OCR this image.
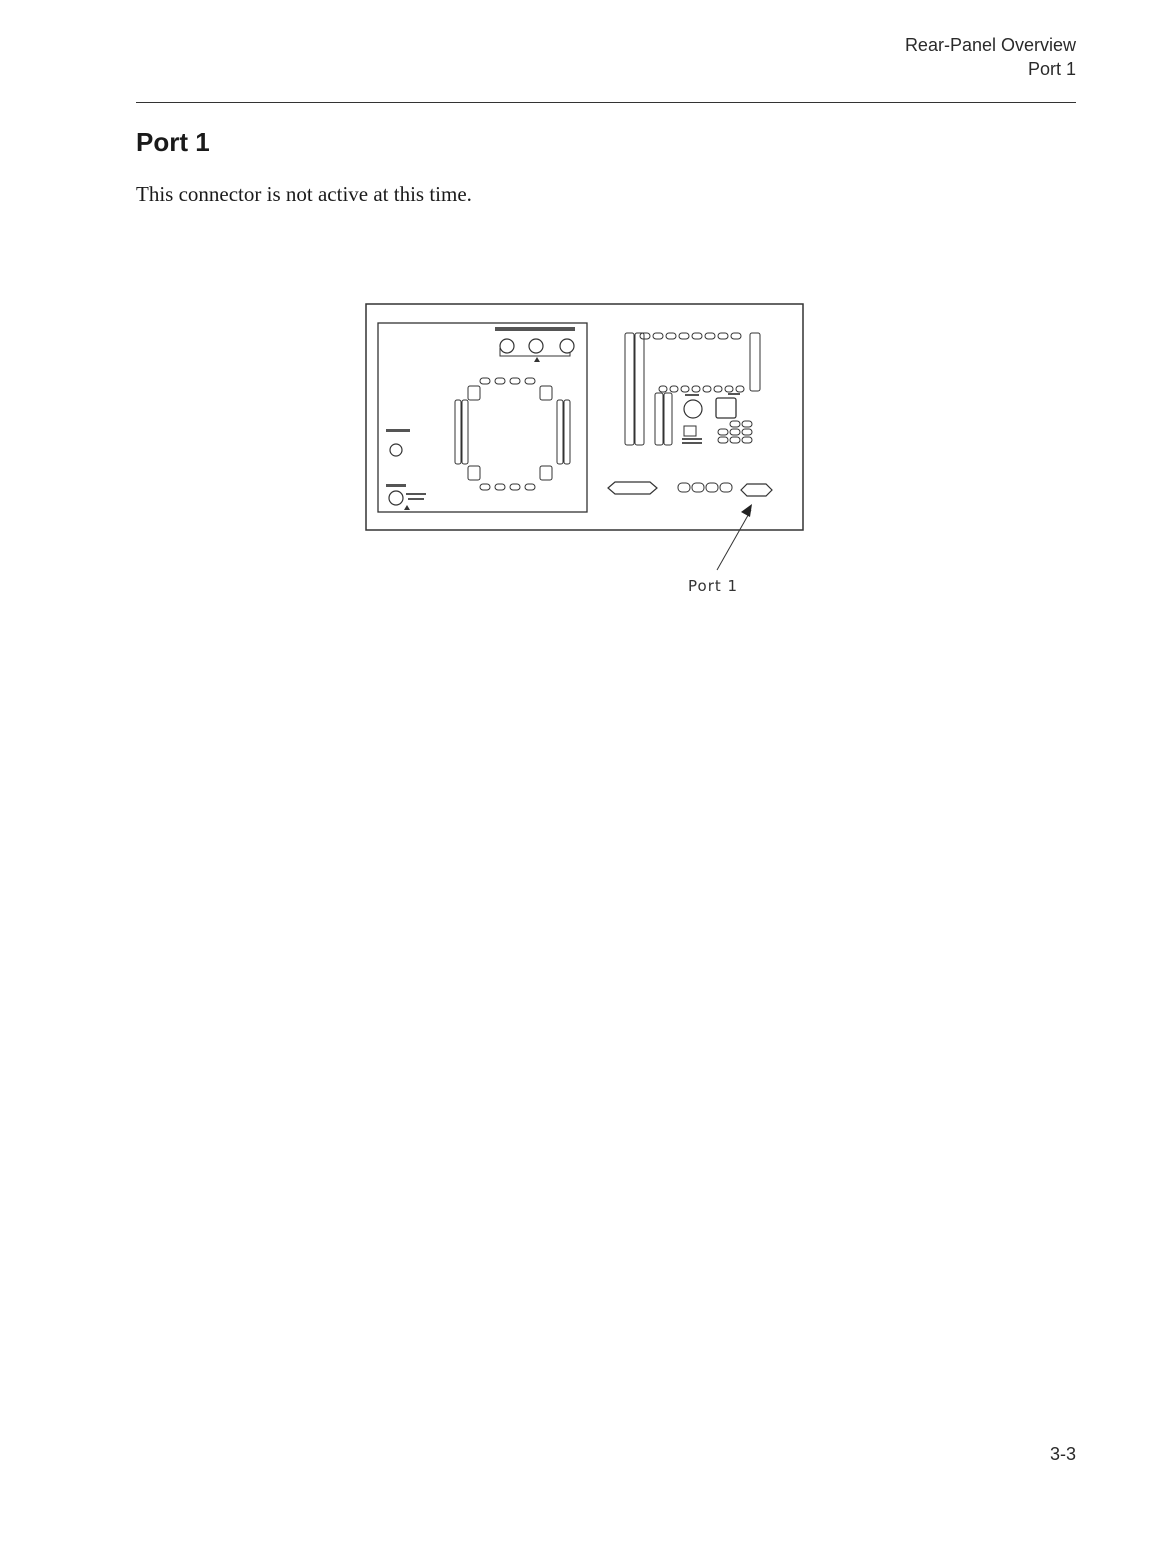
Rear-Panel Overview
Port 1
Port 1

This connector is not active at this time.

Port 1
3-3
